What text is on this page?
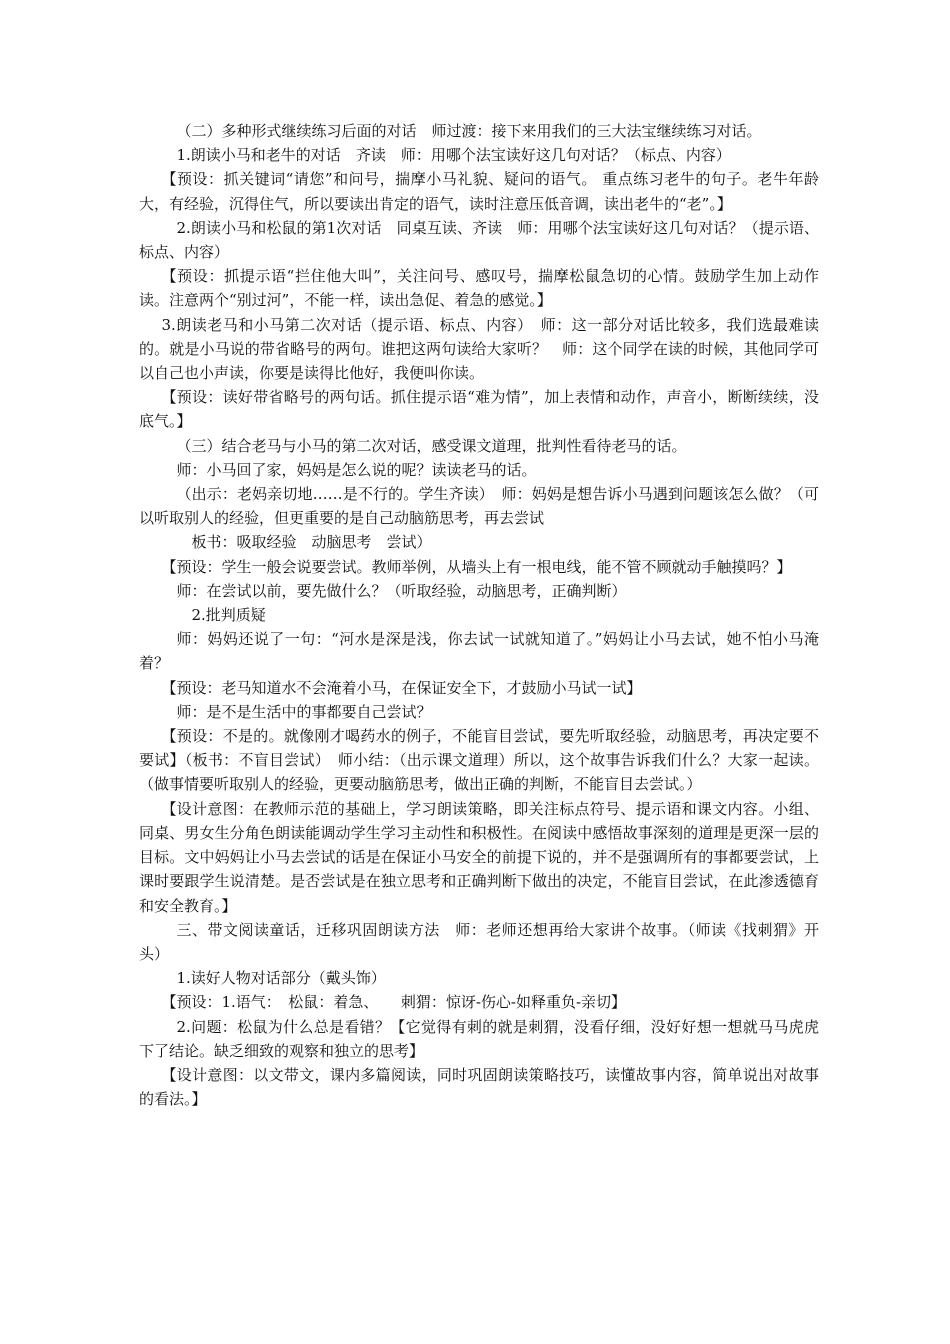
（二）多种形式继续练习后面的对话　师过渡：接下来用我们的三大法宝继续练习对话。

1.朗读小马和老牛的对话　齐读　师：用哪个法宝读好这几句对话？（标点、内容）

【预设：抓关键词“请您”和问号，揣摩小马礼貌、疑问的语气。 重点练习老牛的句子。老牛年龄大，有经验，沉得住气，所以要读出肯定的语气，读时注意压低音调，读出老牛的“老”。】

2.朗读小马和松鼠的第1次对话　同桌互读、齐读　师：用哪个法宝读好这几句对话？（提示语、标点、内容）

【预设：抓提示语“拦住他大叫”，关注问号、感叹号，揣摩松鼠急切的心情。鼓励学生加上动作读。注意两个“别过河”，不能一样，读出急促、着急的感觉。】

3.朗读老马和小马第二次对话（提示语、标点、内容）　师：这一部分对话比较多，我们选最难读的。就是小马说的带省略号的两句。谁把这两句读给大家听？　师：这个同学在读的时候，其他同学可以自己也小声读，你要是读得比他好，我便叫你读。

【预设：读好带省略号的两句话。抓住提示语“难为情”，加上表情和动作，声音小，断断续续，没底气。】

（三）结合老马与小马的第二次对话，感受课文道理，批判性看待老马的话。

师：小马回了家，妈妈是怎么说的呢？读读老马的话。

（出示：老妈亲切地……是不行的。学生齐读）　师：妈妈是想告诉小马遇到问题该怎么做？（可以听取别人的经验，但更重要的是自己动脑筋思考，再去尝试

板书：吸取经验　动脑思考　尝试）

【预设：学生一般会说要尝试。教师举例，从墙头上有一根电线，能不管不顾就动手触摸吗？】

师：在尝试以前，要先做什么？（听取经验，动脑思考，正确判断）

2.批判质疑

师：妈妈还说了一句：“河水是深是浅，你去试一试就知道了。”妈妈让小马去试，她不怕小马淹着？

【预设：老马知道水不会淹着小马，在保证安全下，才鼓励小马试一试】

师：是不是生活中的事都要自己尝试？

【预设：不是的。就像刚才喝药水的例子，不能盲目尝试，要先听取经验，动脑思考，再决定要不要试】（板书：不盲目尝试）　师小结：（出示课文道理）所以，这个故事告诉我们什么？大家一起读。（做事情要听取别人的经验，更要动脑筋思考，做出正确的判断，不能盲目去尝试。）

【设计意图：在教师示范的基础上，学习朗读策略，即关注标点符号、提示语和课文内容。小组、同桌、男女生分角色朗读能调动学生学习主动性和积极性。在阅读中感悟故事深刻的道理是更深一层的目标。文中妈妈让小马去尝试的话是在保证小马安全的前提下说的，并不是强调所有的事都要尝试，上课时要跟学生说清楚。是否尝试是在独立思考和正确判断下做出的决定，不能盲目尝试，在此渗透德育和安全教育。】

三、带文阅读童话，迁移巩固朗读方法　师：老师还想再给大家讲个故事。（师读《找刺猬》开头）

1.读好人物对话部分（戴头饰）

【预设：1.语气：　松鼠：着急、　　刺猬：惊讶-伤心-如释重负-亲切】

2.问题：松鼠为什么总是看错？【它觉得有刺的就是刺猬，没看仔细，没好好想一想就马马虎虎下了结论。缺乏细致的观察和独立的思考】

【设计意图：以文带文，课内多篇阅读，同时巩固朗读策略技巧，读懂故事内容，简单说出对故事的看法。】
